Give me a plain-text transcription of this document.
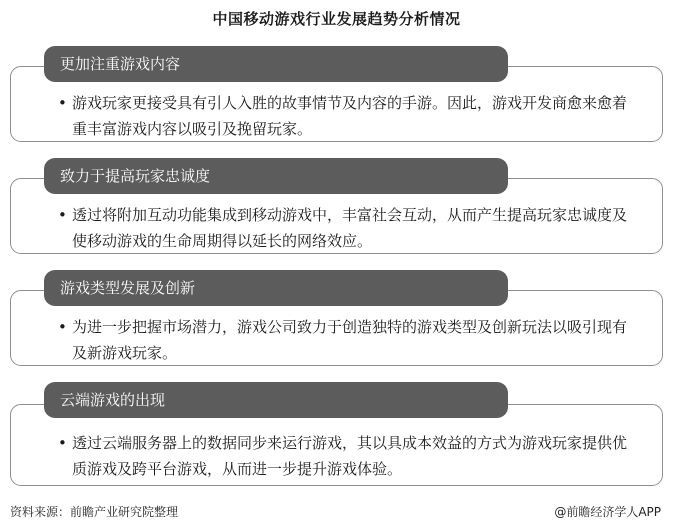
中国移动游戏行业发展趋势分析情况
更加注重游戏内容
• 游戏玩家更接受具有引人入胜的故事情节及内容的手游。因此，游戏开发商愈来愈着重丰富游戏内容以吸引及挽留玩家。
致力于提高玩家忠诚度
• 透过将附加互动功能集成到移动游戏中，丰富社会互动，从而产生提高玩家忠诚度及使移动游戏的生命周期得以延长的网络效应。
游戏类型发展及创新
• 为进一步把握市场潜力，游戏公司致力于创造独特的游戏类型及创新玩法以吸引现有及新游戏玩家。
云端游戏的出现
• 透过云端服务器上的数据同步来运行游戏，其以具成本效益的方式为游戏玩家提供优质游戏及跨平台游戏，从而进一步提升游戏体验。
资料来源：前瞻产业研究院整理	@前瞻经济学人APP
